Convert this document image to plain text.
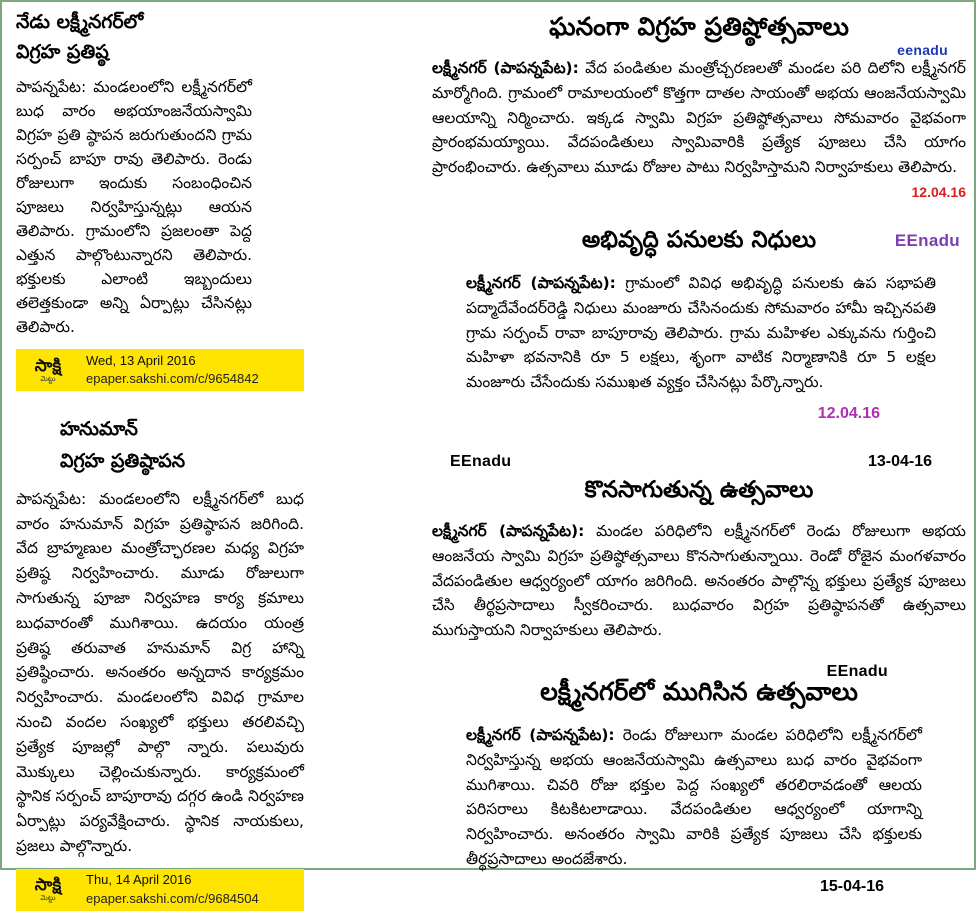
నేడు లక్ష్మీనగర్‌లో
విగ్రహ ప్రతిష్ఠ
పాపన్నపేట: మండలంలోని లక్ష్మీనగర్‌లో బుధ వారం అభయాంజనేయస్వామి విగ్రహ ప్రతి ష్ఠాపన జరుగుతుందని గ్రామ సర్పంచ్ బాపూ రావు తెలిపారు. రెండు రోజులుగా ఇందుకు సంబంధించిన పూజలు నిర్వహిస్తున్నట్లు ఆయన తెలిపారు. గ్రామంలోని ప్రజలంతా పెద్ద ఎత్తున పాల్గొంటున్నారని తెలిపారు. భక్తులకు ఎలాంటి ఇబ్బందులు తలెత్తకుండా అన్ని ఏర్పాట్లు చేసినట్లు తెలిపారు.
సాక్షి
మెట్టు
Wed, 13 April 2016
epaper.sakshi.com/c/9654842
హనుమాన్
విగ్రహ ప్రతిష్ఠాపన
పాపన్నపేట: మండలంలోని లక్ష్మీనగర్‌లో బుధ వారం హనుమాన్ విగ్రహ ప్రతిష్ఠాపన జరిగింది. వేద బ్రాహ్మణుల మంత్రోచ్ఛారణల మధ్య విగ్రహ ప్రతిష్ఠ నిర్వహించారు. మూడు రోజులుగా సాగుతున్న పూజా నిర్వహణ కార్య క్రమాలు బుధవారంతో ముగిశాయి. ఉదయం యంత్ర ప్రతిష్ఠ తరువాత హనుమాన్ విగ్ర హాన్ని ప్రతిష్ఠించారు. అనంతరం అన్నదాన కార్యక్రమం నిర్వహించారు. మండలంలోని వివిధ గ్రామాల నుంచి వందల సంఖ్యలో భక్తులు తరలివచ్చి ప్రత్యేక పూజల్లో పాల్గొ న్నారు. పలువురు మొక్కులు చెల్లించుకున్నారు. కార్యక్రమంలో స్థానిక సర్పంచ్ బాపూరావు దగ్గర ఉండి నిర్వహణ ఏర్పాట్లు పర్యవేక్షించారు. స్థానిక నాయకులు, ప్రజలు పాల్గొన్నారు.
సాక్షి
మెట్టు
Thu, 14 April 2016
epaper.sakshi.com/c/9684504
ఘనంగా విగ్రహ ప్రతిష్ఠోత్సవాలు
eenadu
లక్ష్మీనగర్ (పాపన్నపేట): వేద పండితుల మంత్రోచ్చరణలతో మండల పరి దిలోని లక్ష్మీనగర్ మార్మోగింది. గ్రామంలో రామాలయంలో కొత్తగా దాతల సాయంతో అభయ ఆంజనేయస్వామి ఆలయాన్ని నిర్మించారు. ఇక్కడ స్వామి విగ్రహ ప్రతిష్ఠోత్సవాలు సోమవారం వైభవంగా ప్రారంభమయ్యాయి. వేదపండితులు స్వామివారికి ప్రత్యేక పూజలు చేసి యాగం ప్రారంభించారు. ఉత్సవాలు మూడు రోజుల పాటు నిర్వహిస్తామని నిర్వాహకులు తెలిపారు.
12.04.16
అభివృద్ధి పనులకు నిధులు	EEnadu
లక్ష్మీనగర్ (పాపన్నపేట): గ్రామంలో వివిధ అభివృద్ధి పనులకు ఉప సభాపతి పద్మాదేవేందర్‌రెడ్డి నిధులు మంజూరు చేసినందుకు సోమవారం హామీ ఇచ్చినపతి గ్రామ సర్పంచ్ రావా బాపూరావు తెలిపారు. గ్రామ మహిళల ఎక్కువను గుర్తించి మహిళా భవనానికి రూ 5 లక్షలు, శృంగా వాటిక నిర్మాణానికి రూ 5 లక్షల మంజూరు చేసేందుకు సముఖత వ్యక్తం చేసినట్లు పేర్కొన్నారు.
12.04.16
EEnadu	13-04-16
కొనసాగుతున్న ఉత్సవాలు
లక్ష్మీనగర్ (పాపన్నపేట): మండల పరిధిలోని లక్ష్మీనగర్‌లో రెండు రోజులుగా అభయ ఆంజనేయ స్వామి విగ్రహ ప్రతిష్ఠోత్సవాలు కొనసాగుతున్నాయి. రెండో రోజైన మంగళవారం వేదపండితుల ఆధ్వర్యంలో యాగం జరిగింది. అనంతరం పాల్గొన్న భక్తులు ప్రత్యేక పూజలు చేసి తీర్థప్రసాదాలు స్వీకరించారు. బుధవారం విగ్రహ ప్రతిష్ఠాపనతో ఉత్సవాలు ముగుస్తాయని నిర్వాహకులు తెలిపారు.
EEnadu
లక్ష్మీనగర్‌లో ముగిసిన ఉత్సవాలు
లక్ష్మీనగర్ (పాపన్నపేట): రెండు రోజులుగా మండల పరిధిలోని లక్ష్మీనగర్‌లో నిర్వహిస్తున్న అభయ ఆంజనేయస్వామి ఉత్సవాలు బుధ వారం వైభవంగా ముగిశాయి. చివరి రోజు భక్తుల పెద్ద సంఖ్యలో తరలిరావడంతో ఆలయ పరిసరాలు కిటకిటలాడాయి. వేదపండితుల ఆధ్వర్యంలో యాగాన్ని నిర్వహించారు. అనంతరం స్వామి వారికి ప్రత్యేక పూజలు చేసి భక్తులకు తీర్థప్రసాదాలు అందజేశారు.
15-04-16
